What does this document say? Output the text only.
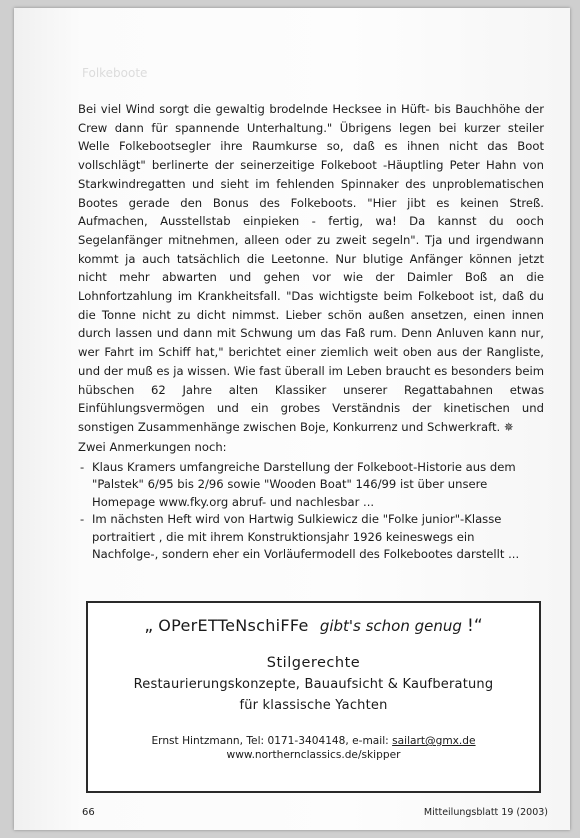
Folkeboote

Bei viel Wind sorgt die gewaltig brodelnde Hecksee in Hüft- bis Bauchhöhe der Crew dann für spannende Unterhaltung." Übrigens legen bei kurzer steiler Welle Folkebootsegler ihre Raumkurse so, daß es ihnen nicht das Boot vollschlägt" berlinerte der seinerzeitige Folkeboot -Häuptling Peter Hahn von Starkwindregatten und sieht im fehlenden Spinnaker des unproblematischen Bootes gerade den Bonus des Folkeboots. "Hier jibt es keinen Streß. Aufmachen, Ausstellstab einpieken - fertig, wa! Da kannst du ooch Segelanfänger mitnehmen, alleen oder zu zweit segeln". Tja und irgendwann kommt ja auch tatsächlich die Leetonne. Nur blutige Anfänger können jetzt nicht mehr abwarten und gehen vor wie der Daimler Boß an die Lohnfortzahlung im Krankheitsfall. "Das wichtigste beim Folkeboot ist, daß du die Tonne nicht zu dicht nimmst. Lieber schön außen ansetzen, einen innen durch lassen und dann mit Schwung um das Faß rum. Denn Anluven kann nur, wer Fahrt im Schiff hat," berichtet einer ziemlich weit oben aus der Rangliste, und der muß es ja wissen. Wie fast überall im Leben braucht es besonders beim hübschen 62 Jahre alten Klassiker unserer Regattabahnen etwas Einfühlungsvermögen und ein grobes Verständnis der kinetischen und sonstigen Zusammenhänge zwischen Boje, Konkurrenz und Schwerkraft. ✵

Zwei Anmerkungen noch:

- Klaus Kramers umfangreiche Darstellung der Folkeboot-Historie aus dem "Palstek" 6/95 bis 2/96 sowie "Wooden Boat" 146/99 ist über unsere Homepage www.fky.org abruf- und nachlesbar ...
- Im nächsten Heft wird von Hartwig Sulkiewicz die "Folke junior"-Klasse portraitiert , die mit ihrem Konstruktionsjahr 1926 keineswegs ein Nachfolge-, sondern eher ein Vorläufermodell des Folkebootes darstellt ...
„ OPerETTeNschiFFe gibt's schon genug !“
Stilgerechte
Restaurierungskonzepte, Bauaufsicht & Kaufberatung
für klassische Yachten
Ernst Hintzmann, Tel: 0171-3404148, e-mail: sailart@gmx.de
www.northernclassics.de/skipper
66	Mitteilungsblatt 19 (2003)
